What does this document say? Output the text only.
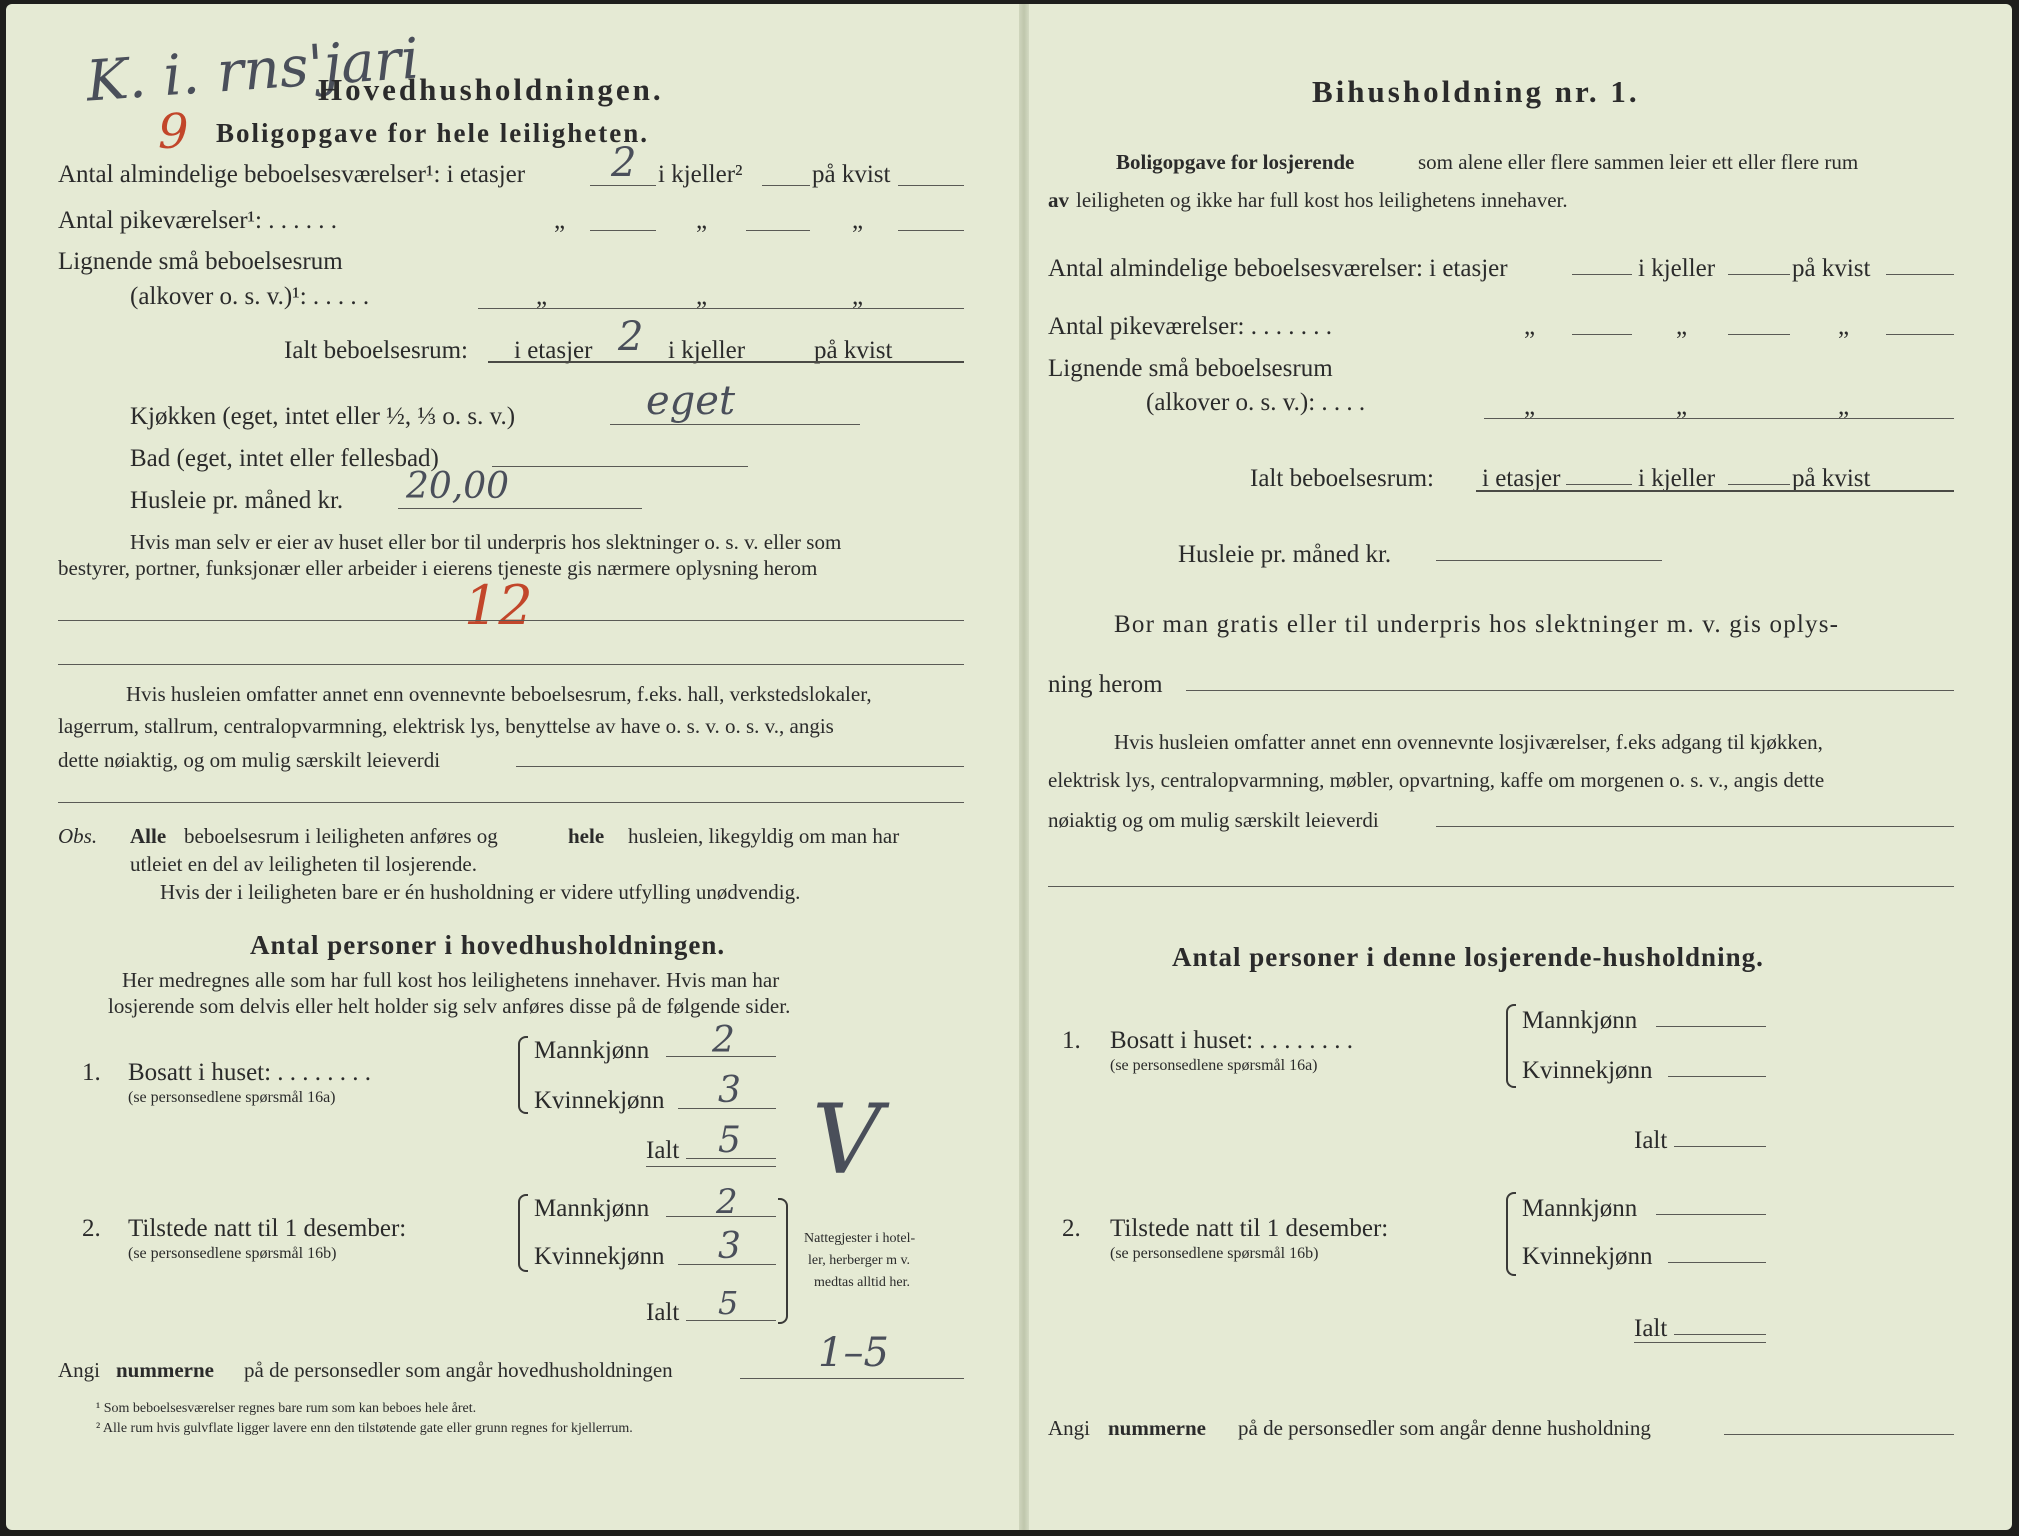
K. i. rns'jari
Hovedhusholdningen.
9 Boligopgave for hele leiligheten.
Antal almindelige beboelsesværelser¹: i etasjer 2 i kjeller²	på kvist
Antal pikeværelser¹: . . . . . .	„	„	„
Lignende små beboelsesrum
(alkover o. s. v.)¹: . . . . .	„	„	„
Ialt beboelsesrum: i etasjer 2 i kjeller	på kvist
Kjøkken (eget, intet eller ½, ⅓ o. s. v.)	eget
Bad (eget, intet eller fellesbad)
Husleie pr. måned kr. 20,00
Hvis man selv er eier av huset eller bor til underpris hos slektninger o. s. v. eller som
bestyrer, portner, funksjonær eller arbeider i eierens tjeneste gis nærmere oplysning herom
12
Hvis husleien omfatter annet enn ovennevnte beboelsesrum, f.eks. hall, verkstedslokaler,
lagerrum, stallrum, centralopvarmning, elektrisk lys, benyttelse av have o. s. v. o. s. v., angis
dette nøiaktig, og om mulig særskilt leieverdi
Obs. Alle beboelsesrum i leiligheten anføres og	hele husleien, likegyldig om man har
utleiet en del av leiligheten til losjerende.
Hvis der i leiligheten bare er én husholdning er videre utfylling unødvendig.
Antal personer i hovedhusholdningen.
Her medregnes alle som har full kost hos leilighetens innehaver. Hvis man har
losjerende som delvis eller helt holder sig selv anføres disse på de følgende sider.
1. Bosatt i huset: . . . . . . . .
(se personsedlene spørsmål 16a)
Mannkjønn 2
Kvinnekjønn 3
Ialt 5 V
2. Tilstede natt til 1 desember:
(se personsedlene spørsmål 16b)
Mannkjønn 2
Kvinnekjønn 3
Ialt 5
Nattegjester i hotel-
ler, herberger m v.
medtas alltid her.
Angi nummerne på de personsedler som angår hovedhusholdningen	1–5
¹ Som beboelsesværelser regnes bare rum som kan beboes hele året.
² Alle rum hvis gulvflate ligger lavere enn den tilstøtende gate eller grunn regnes for kjellerrum.
Bihusholdning nr. 1.
Boligopgave for losjerende	som alene eller flere sammen leier ett eller flere rum
av leiligheten og ikke har full kost hos leilighetens innehaver.
Antal almindelige beboelsesværelser: i etasjer	i kjeller	på kvist
Antal pikeværelser: . . . . . . .	„	„	„
Lignende små beboelsesrum
(alkover o. s. v.): . . . .	„	„	„
Ialt beboelsesrum: i etasjer	i kjeller	på kvist
Husleie pr. måned kr.
Bor man gratis eller til underpris hos slektninger m. v. gis oplys-
ning herom
Hvis husleien omfatter annet enn ovennevnte losjiværelser, f.eks adgang til kjøkken,
elektrisk lys, centralopvarmning, møbler, opvartning, kaffe om morgenen o. s. v., angis dette
nøiaktig og om mulig særskilt leieverdi
Antal personer i denne losjerende-husholdning.
1. Bosatt i huset: . . . . . . . .
(se personsedlene spørsmål 16a)
Mannkjønn
Kvinnekjønn
Ialt
2. Tilstede natt til 1 desember:
(se personsedlene spørsmål 16b)
Mannkjønn
Kvinnekjønn
Ialt
Angi nummerne på de personsedler som angår denne husholdning
